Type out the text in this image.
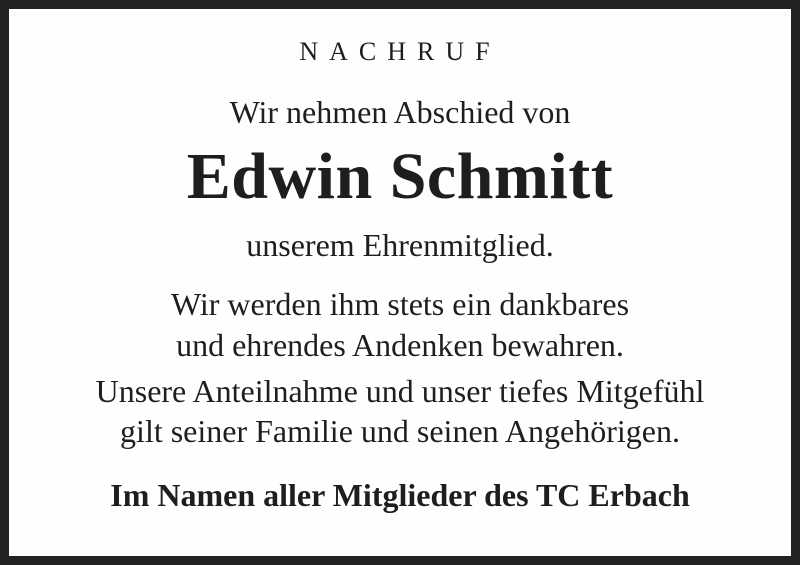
NACHRUF
Wir nehmen Abschied von
Edwin Schmitt
unserem Ehrenmitglied.
Wir werden ihm stets ein dankbares
und ehrendes Andenken bewahren.
Unsere Anteilnahme und unser tiefes Mitgefühl
gilt seiner Familie und seinen Angehörigen.
Im Namen aller Mitglieder des TC Erbach
